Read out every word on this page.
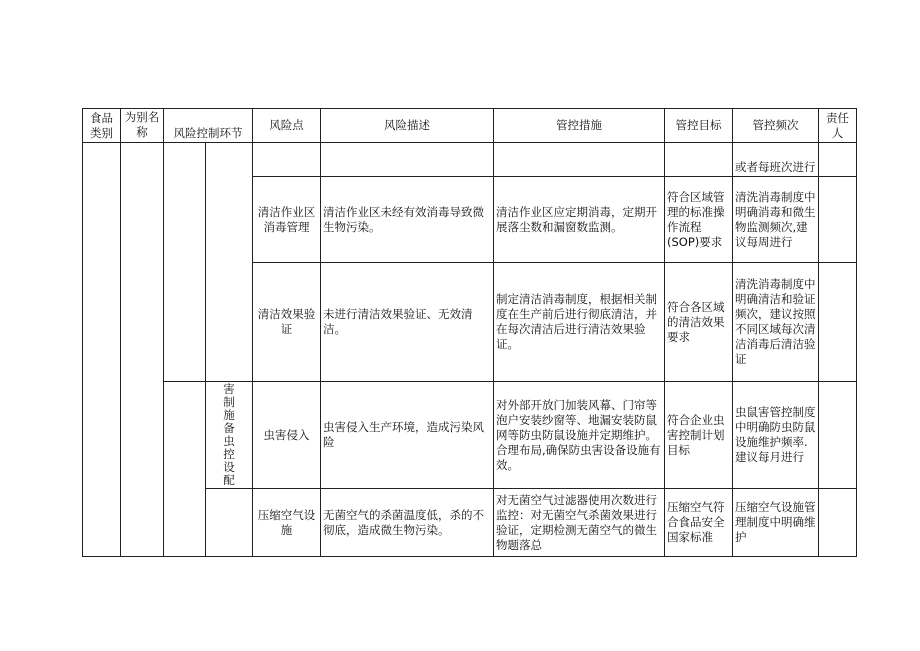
食品类别	为别名称	风险控制环节		风险点	风险描述	管控措施	管控目标	管控频次	责任人
								或者每班次进行	
				清洁作业区消毒管理	清洁作业区未经有效消毒导致微生物污染。	清洁作业区应定期消毒，定期开展落尘数和漏窗数监测。	符合区域管理的标准操作流程(SOP)要求	清洗消毒制度中明确消毒和微生物监测频次,建议每周进行	
				清洁效果验证	未进行清洁效果验证、无效清洁。	制定清洁消毒制度，根据相关制度在生产前后进行彻底清洁，并在每次清洁后进行清洁效果验证。	符合各区域的清洁效果要求	清洗消毒制度中明确清洁和验证频次，建议按照不同区域每次清洁消毒后清洁验证	

			害制施备虫控设配	虫害侵入	虫害侵入生产环境，造成污染风险	对外部开放门加装风幕、门帘等泡户安装纱窗等、地漏安装防鼠网等防虫防鼠设施并定期维护。合理布局,确保防虫害设备设施有效。	符合企业虫害控制计划目标	虫鼠害管控制度中明确防虫防鼠设施维护频率.建议每月进行	
				压缩空气设施	无菌空气的杀菌温度低，杀的不彻底，造成微生物污染。	对无菌空气过滤器使用次数进行监控：对无菌空气杀菌效果进行验证，定期检测无菌空气的微生物题落总	压缩空气符合食品安全国家标准	压缩空气设施管理制度中明确维护	
